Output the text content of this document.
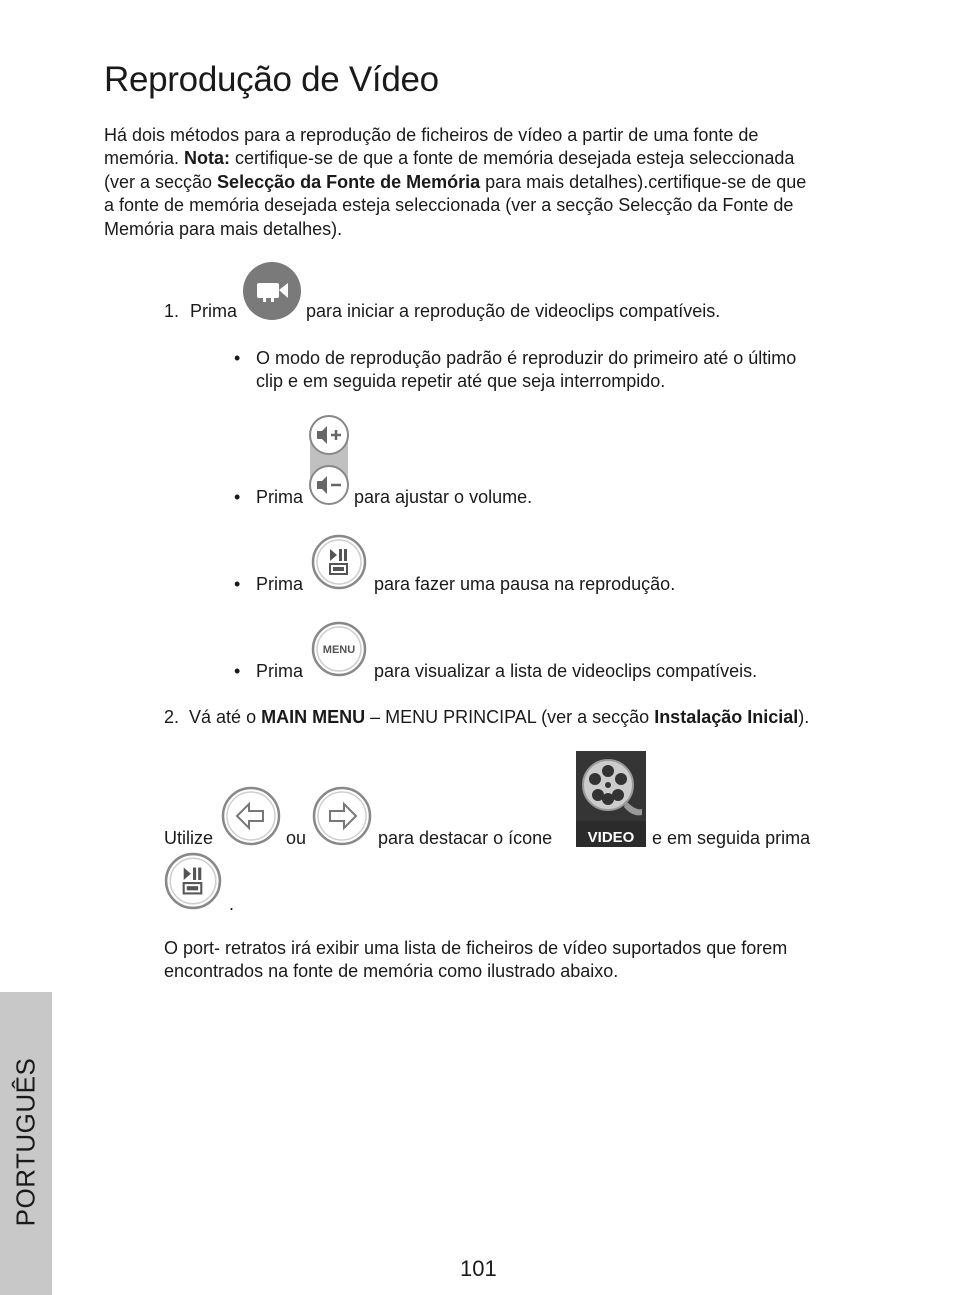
Reprodução de Vídeo
Há dois métodos para a reprodução de ficheiros de vídeo a partir de uma fonte de
memória. Nota: certifique-se de que a fonte de memória desejada esteja seleccionada
(ver a secção Selecção da Fonte de Memória para mais detalhes).certifique-se de que
a fonte de memória desejada esteja seleccionada (ver a secção Selecção da Fonte de
Memória para mais detalhes).
1. Prima	para iniciar a reprodução de videoclips compatíveis.
• O modo de reprodução padrão é reproduzir do primeiro até o último
clip e em seguida repetir até que seja interrompido.
• Prima	para ajustar o volume.
• Prima	para fazer uma pausa na reprodução.
MENU
• Prima	para visualizar a lista de videoclips compatíveis.
2. Vá até o MAIN MENU – MENU PRINCIPAL (ver a secção Instalação Inicial).
Utilize	ou	para destacar o ícone VIDEO e em seguida prima
.
O port- retratos irá exibir uma lista de ficheiros de vídeo suportados que forem
encontrados na fonte de memória como ilustrado abaixo.
PORTUGUÊS
101
